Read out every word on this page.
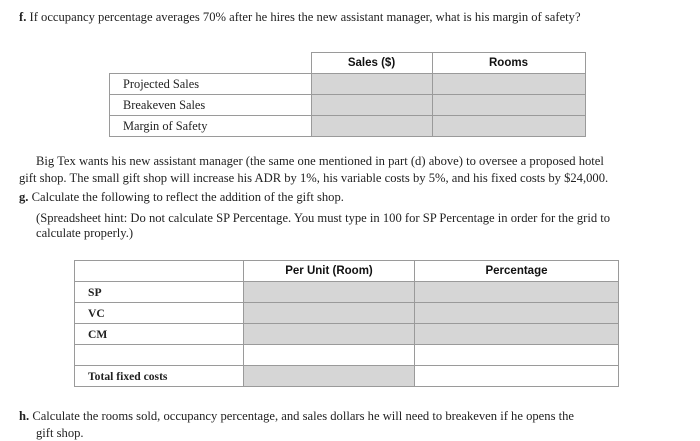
f. If occupancy percentage averages 70% after he hires the new assistant manager, what is his margin of safety?
	Sales ($)	Rooms
Projected Sales		
Breakeven Sales		
Margin of Safety		
Big Tex wants his new assistant manager (the same one mentioned in part (d) above) to oversee a proposed hotel
gift shop. The small gift shop will increase his ADR by 1%, his variable costs by 5%, and his fixed costs by $24,000.
g. Calculate the following to reflect the addition of the gift shop.
(Spreadsheet hint: Do not calculate SP Percentage. You must type in 100 for SP Percentage in order for the grid to
calculate properly.)
	Per Unit (Room)	Percentage
SP		
VC		
CM		

Total fixed costs		
h. Calculate the rooms sold, occupancy percentage, and sales dollars he will need to breakeven if he opens the
gift shop.
